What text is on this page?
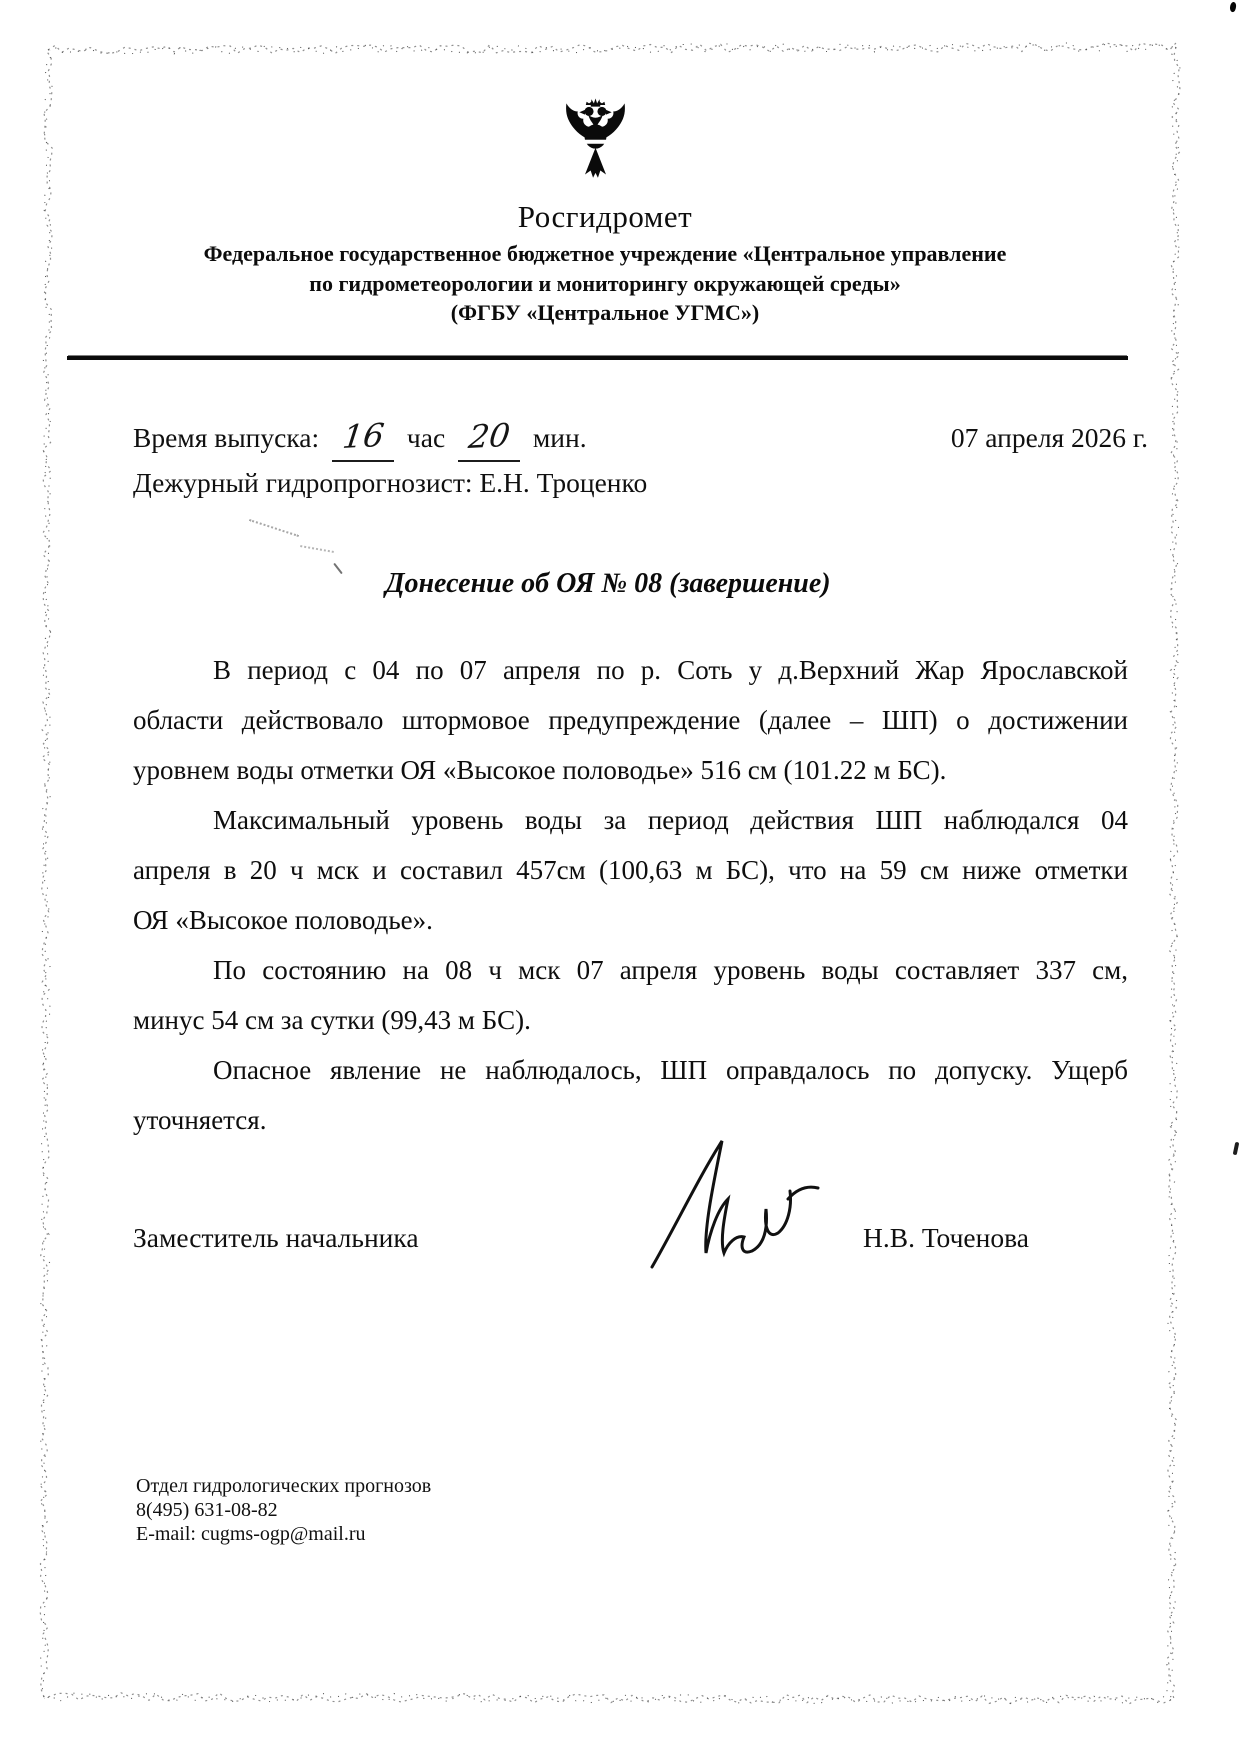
Росгидромет
Федеральное государственное бюджетное учреждение «Центральное управление
по гидрометеорологии и мониторингу окружающей среды»
(ФГБУ «Центральное УГМС»)
Время выпуска: 16 час 20 мин.	07 апреля 2026 г.
Дежурный гидропрогнозист: Е.Н. Троценко
Донесение об ОЯ № 08 (завершение)
В период с 04 по 07 апреля по р. Соть у д.Верхний Жар Ярославской
области действовало штормовое предупреждение (далее – ШП) о достижении
уровнем воды отметки ОЯ «Высокое половодье» 516 см (101.22 м БС).
Максимальный уровень воды за период действия ШП наблюдался 04
апреля в 20 ч мск и составил 457см (100,63 м БС), что на 59 см ниже отметки
ОЯ «Высокое половодье».
По состоянию на 08 ч мск 07 апреля уровень воды составляет 337 см,
минус 54 см за сутки (99,43 м БС).
Опасное явление не наблюдалось, ШП оправдалось по допуску. Ущерб
уточняется.
Заместитель начальника	Н.В. Точенова
Отдел гидрологических прогнозов
8(495) 631-08-82
E-mail: cugms-ogp@mail.ru
